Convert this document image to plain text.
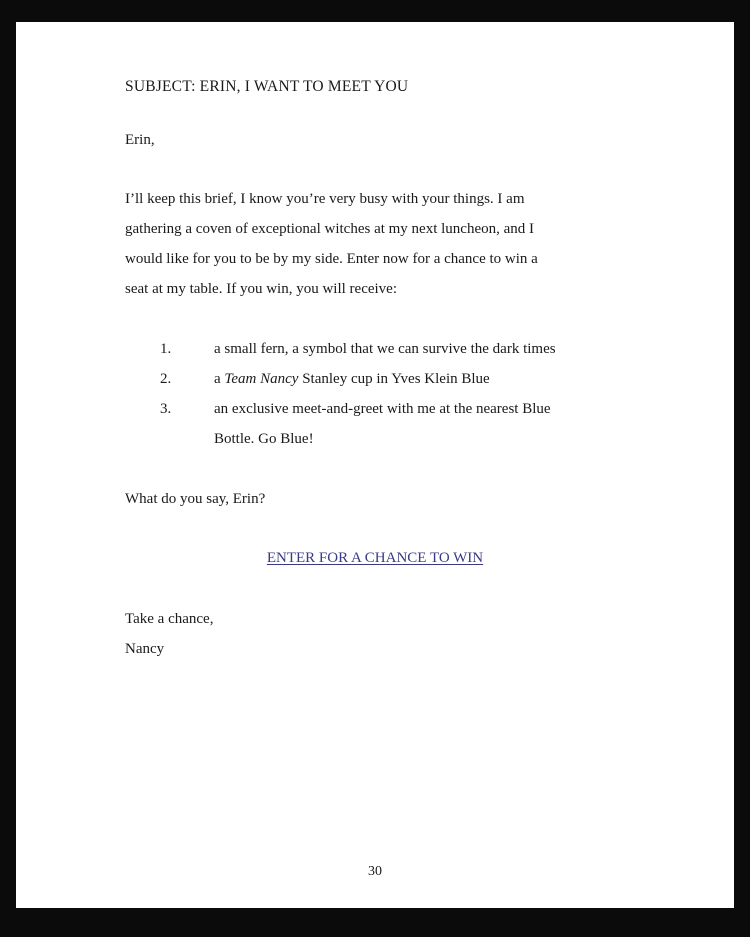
SUBJECT: ERIN, I WANT TO MEET YOU
Erin,
I’ll keep this brief, I know you’re very busy with your things. I am
gathering a coven of exceptional witches at my next luncheon, and I
would like for you to be by my side. Enter now for a chance to win a
seat at my table. If you win, you will receive:
1.	a small fern, a symbol that we can survive the dark times
2.	a Team Nancy Stanley cup in Yves Klein Blue
3.	an exclusive meet-and-greet with me at the nearest Blue
Bottle. Go Blue!
What do you say, Erin?
ENTER FOR A CHANCE TO WIN
Take a chance,
Nancy
30
